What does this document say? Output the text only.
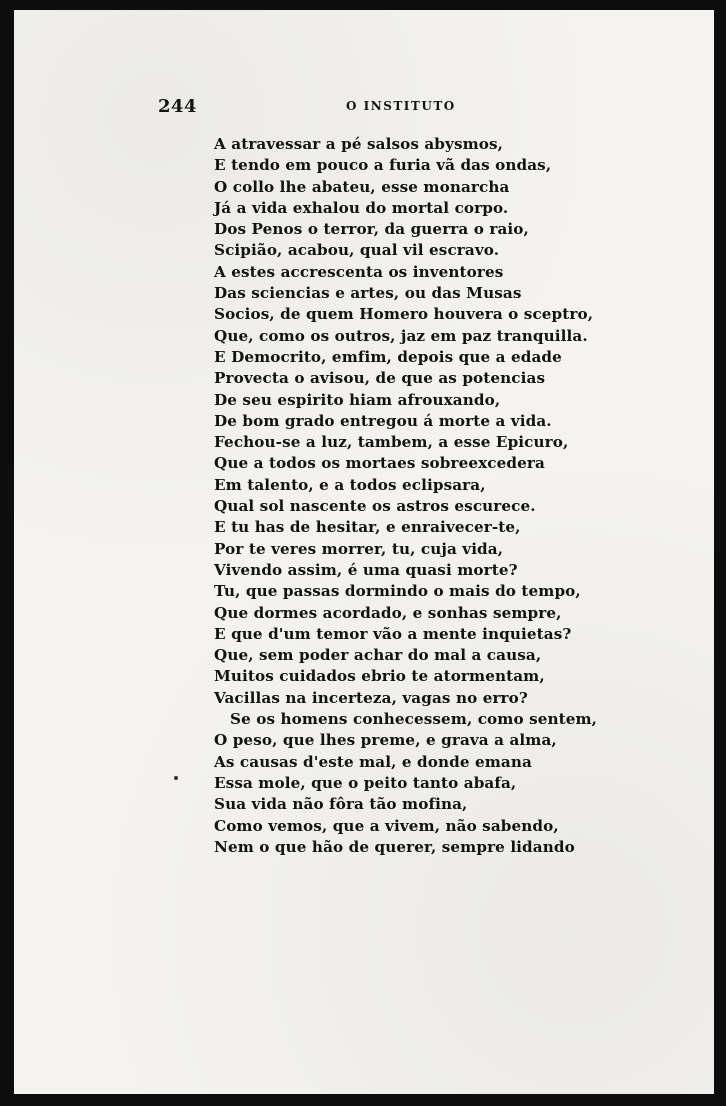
244	O INSTITUTO
A atravessar a pé salsos abysmos,
E tendo em pouco a furia vã das ondas,
O collo lhe abateu, esse monarcha
Já a vida exhalou do mortal corpo.
Dos Penos o terror, da guerra o raio,
Scipião, acabou, qual vil escravo.
A estes accrescenta os inventores
Das sciencias e artes, ou das Musas
Socios, de quem Homero houvera o sceptro,
Que, como os outros, jaz em paz tranquilla.
E Democrito, emfim, depois que a edade
Provecta o avisou, de que as potencias
De seu espirito hiam afrouxando,
De bom grado entregou á morte a vida.
Fechou-se a luz, tambem, a esse Epicuro,
Que a todos os mortaes sobreexcedera
Em talento, e a todos eclipsara,
Qual sol nascente os astros escurece.
E tu has de hesitar, e enraivecer-te,
Por te veres morrer, tu, cuja vida,
Vivendo assim, é uma quasi morte?
Tu, que passas dormindo o mais do tempo,
Que dormes acordado, e sonhas sempre,
E que d'um temor vão a mente inquietas?
Que, sem poder achar do mal a causa,
Muitos cuidados ebrio te atormentam,
Vacillas na incerteza, vagas no erro?
Se os homens conhecessem, como sentem,
O peso, que lhes preme, e grava a alma,
As causas d'este mal, e donde emana
Essa mole, que o peito tanto abafa,
Sua vida não fôra tão mofina,
Como vemos, que a vivem, não sabendo,
Nem o que hão de querer, sempre lidando
